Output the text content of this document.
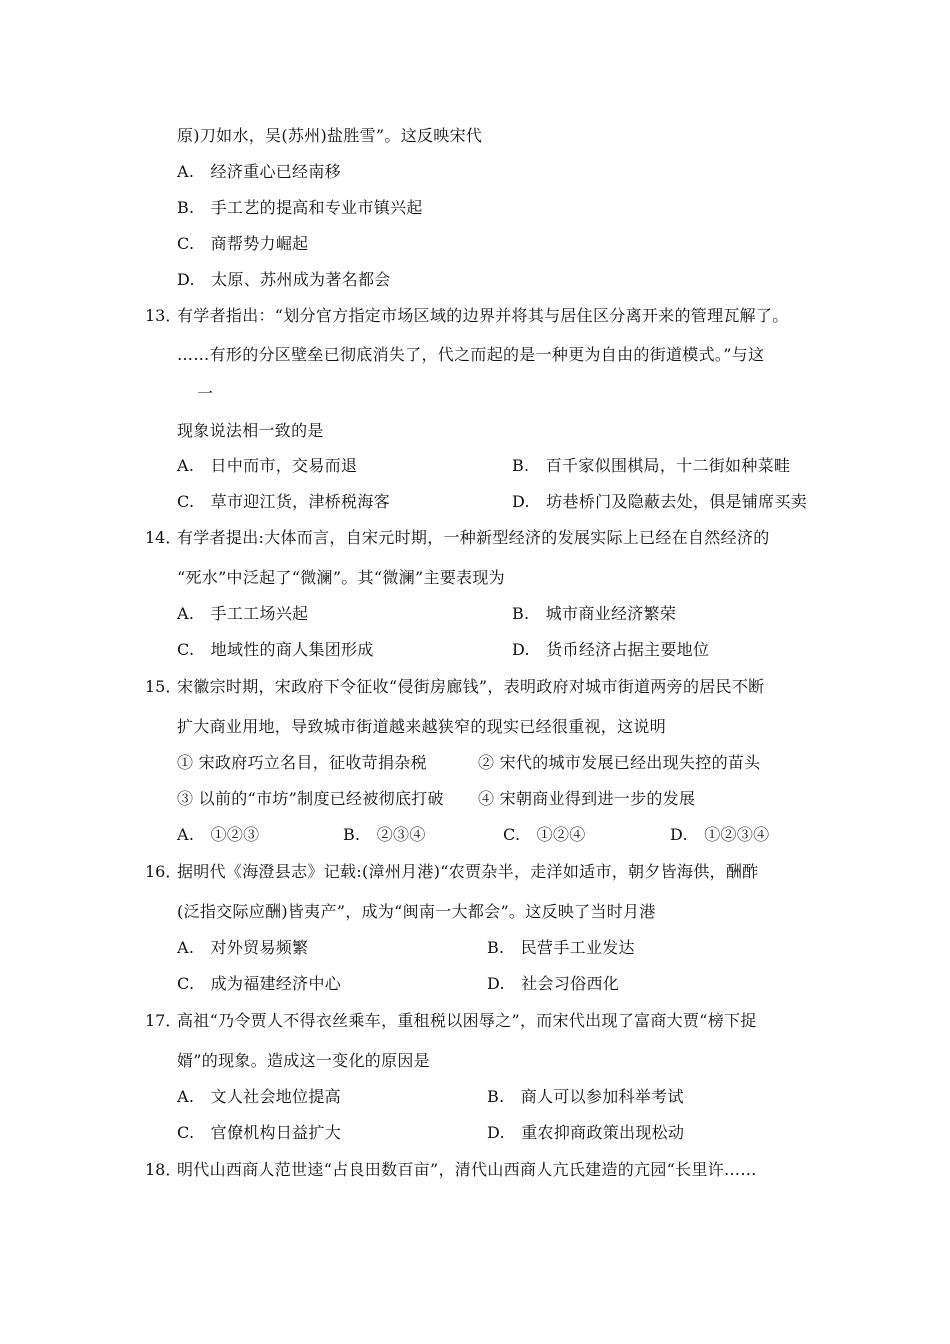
原)刀如水，吴(苏州)盐胜雪”。这反映宋代
A.　经济重心已经南移
B.　手工艺的提高和专业市镇兴起
C.　商帮势力崛起
D.　太原、苏州成为著名都会
13．
有学者指出：“划分官方指定市场区域的边界并将其与居住区分离开来的管理瓦解了。
……有形的分区壁垒已彻底消失了，代之而起的是一种更为自由的街道模式。”与这
一
现象说法相一致的是
A.　日中而市，交易而退	B.　百千家似围棋局，十二街如种菜畦
C.　草市迎江货，津桥税海客	D.　坊巷桥门及隐蔽去处，俱是铺席买卖
14．
有学者提出:大体而言，自宋元时期，一种新型经济的发展实际上已经在自然经济的
“死水”中泛起了“微澜”。其“微澜”主要表现为
A.　手工工场兴起	B.　城市商业经济繁荣
C.　地域性的商人集团形成	D.　货币经济占据主要地位
15．
宋徽宗时期，宋政府下令征收“侵街房廊钱”，表明政府对城市街道两旁的居民不断
扩大商业用地，导致城市街道越来越狭窄的现实已经很重视，这说明
① 宋政府巧立名目，征收苛捐杂税	② 宋代的城市发展已经出现失控的苗头
③ 以前的“市坊”制度已经被彻底打破 ④ 宋朝商业得到进一步的发展
A.　①②③	B.　②③④	C.　①②④	D.　①②③④
16．
据明代《海澄县志》记载:(漳州月港)“农贾杂半，走洋如适市，朝夕皆海供，酬酢
(泛指交际应酬)皆夷产”，成为“闽南一大都会”。这反映了当时月港
A.　对外贸易频繁	B.　民营手工业发达
C.　成为福建经济中心	D.　社会习俗西化
17．
高祖“乃令贾人不得衣丝乘车，重租税以困辱之”，而宋代出现了富商大贾“榜下捉
婿”的现象。造成这一变化的原因是
A.　文人社会地位提高	B.　商人可以参加科举考试
C.　官僚机构日益扩大	D.　重农抑商政策出现松动
18．
明代山西商人范世逵“占良田数百亩”，清代山西商人亢氏建造的亢园“长里许……
